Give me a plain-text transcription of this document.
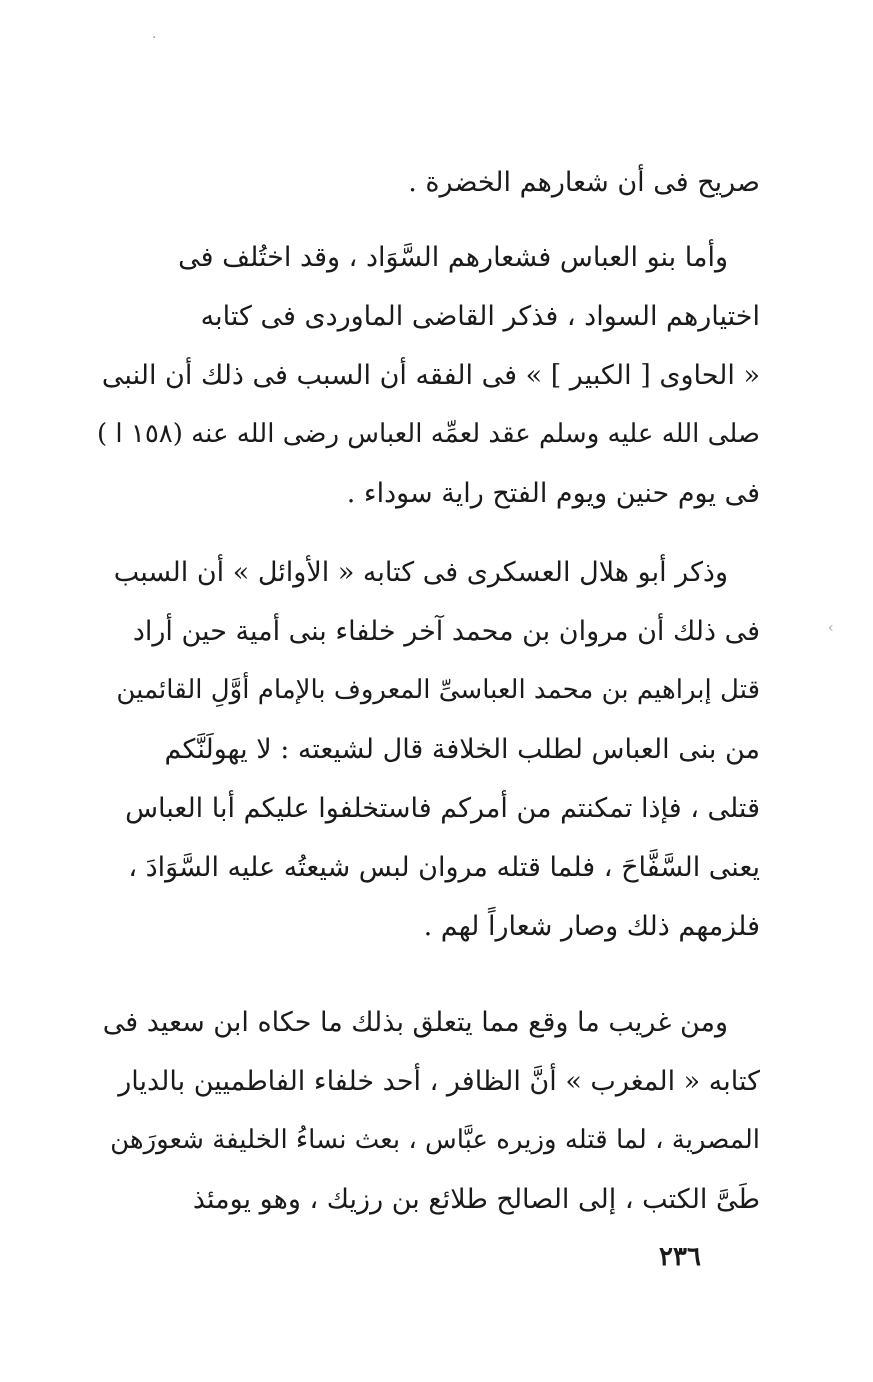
·
‹
صريح فى أن شعارهم الخضرة .
وأما بنو العباس فشعارهم السَّوَاد ، وقد اختُلف فى
اختيارهم السواد ، فذكر القاضى الماوردى فى كتابه
« الحاوى [ الكبير ] » فى الفقه أن السبب فى ذلك أن النبى
صلى الله عليه وسلم عقد لعمِّه العباس رضى الله عنه (١٥٨ ا )
فى يوم حنين ويوم الفتح راية سوداء .
وذكر أبو هلال العسكرى فى كتابه « الأوائل » أن السبب
فى ذلك أن مروان بن محمد آخر خلفاء بنى أمية حين أراد
قتل إبراهيم بن محمد العباسىِّ المعروف بالإمام أوَّلِ القائمين
من بنى العباس لطلب الخلافة قال لشيعته : لا يهولَنَّكم
قتلى ، فإذا تمكنتم من أمركم فاستخلفوا عليكم أبا العباس
يعنى السَّفَّاحَ ، فلما قتله مروان لبس شيعتُه عليه السَّوَادَ ،
فلزمهم ذلك وصار شعاراً لهم .
ومن غريب ما وقع مما يتعلق بذلك ما حكاه ابن سعيد فى
كتابه « المغرب » أنَّ الظافر ، أحد خلفاء الفاطميين بالديار
المصرية ، لما قتله وزيره عبَّاس ، بعث نساءُ الخليفة شعورَهن
طَىَّ الكتب ، إلى الصالح طلائع بن رزيك ، وهو يومئذ
٢٣٦
